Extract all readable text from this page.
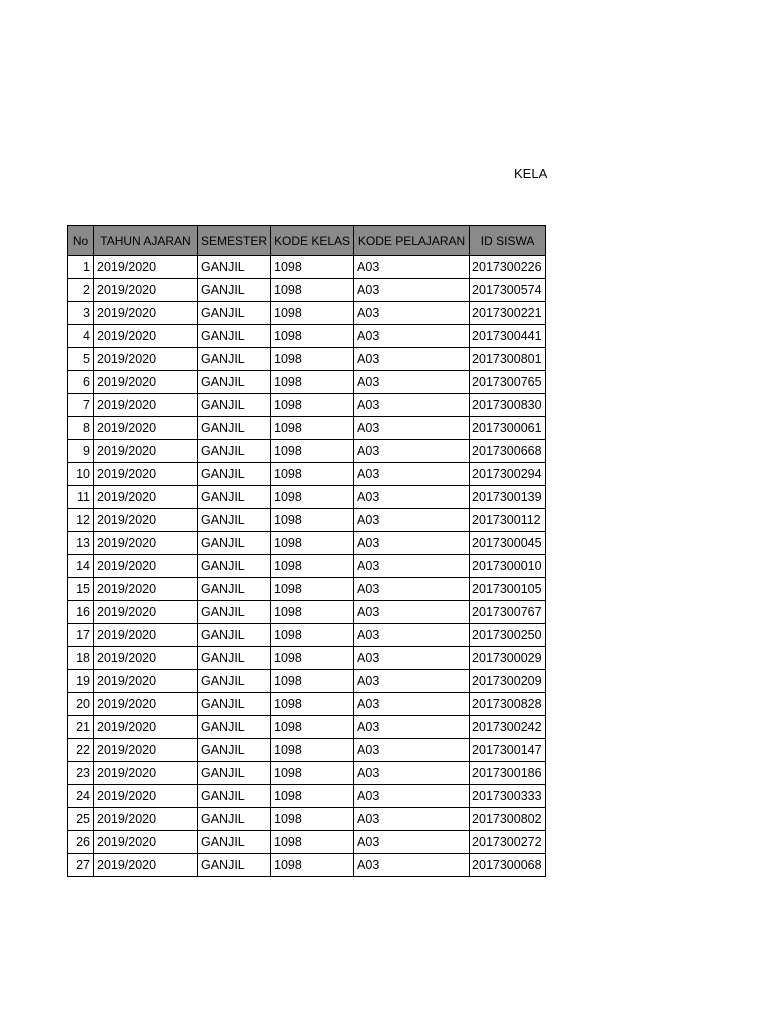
KELA
No	TAHUN AJARAN	SEMESTER	KODE KELAS	KODE PELAJARAN	ID SISWA
1	2019/2020	GANJIL	1098	A03	2017300226
2	2019/2020	GANJIL	1098	A03	2017300574
3	2019/2020	GANJIL	1098	A03	2017300221
4	2019/2020	GANJIL	1098	A03	2017300441
5	2019/2020	GANJIL	1098	A03	2017300801
6	2019/2020	GANJIL	1098	A03	2017300765
7	2019/2020	GANJIL	1098	A03	2017300830
8	2019/2020	GANJIL	1098	A03	2017300061
9	2019/2020	GANJIL	1098	A03	2017300668
10	2019/2020	GANJIL	1098	A03	2017300294
11	2019/2020	GANJIL	1098	A03	2017300139
12	2019/2020	GANJIL	1098	A03	2017300112
13	2019/2020	GANJIL	1098	A03	2017300045
14	2019/2020	GANJIL	1098	A03	2017300010
15	2019/2020	GANJIL	1098	A03	2017300105
16	2019/2020	GANJIL	1098	A03	2017300767
17	2019/2020	GANJIL	1098	A03	2017300250
18	2019/2020	GANJIL	1098	A03	2017300029
19	2019/2020	GANJIL	1098	A03	2017300209
20	2019/2020	GANJIL	1098	A03	2017300828
21	2019/2020	GANJIL	1098	A03	2017300242
22	2019/2020	GANJIL	1098	A03	2017300147
23	2019/2020	GANJIL	1098	A03	2017300186
24	2019/2020	GANJIL	1098	A03	2017300333
25	2019/2020	GANJIL	1098	A03	2017300802
26	2019/2020	GANJIL	1098	A03	2017300272
27	2019/2020	GANJIL	1098	A03	2017300068
